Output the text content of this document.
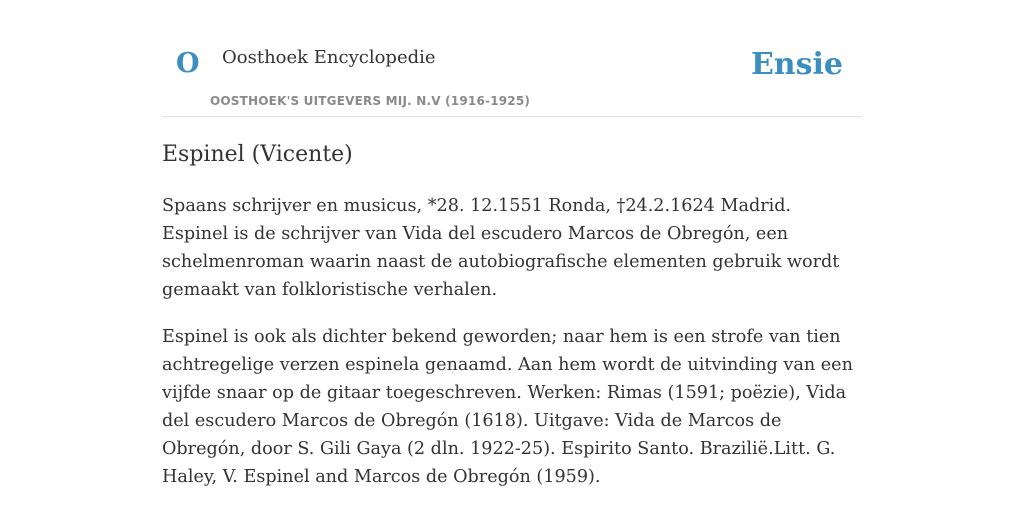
O Oosthoek Encyclopedie
OOSTHOEK'S UITGEVERS MIJ. N.V (1916-1925)
Ensie
Espinel (Vicente)

Spaans schrijver en musicus, *28. 12.1551 Ronda, †24.2.1624 Madrid. Espinel is de schrijver van Vida del escudero Marcos de Obregón, een schelmenroman waarin naast de autobiografische elementen gebruik wordt gemaakt van folkloristische verhalen.

Espinel is ook als dichter bekend geworden; naar hem is een strofe van tien achtregelige verzen espinela genaamd. Aan hem wordt de uitvinding van een vijfde snaar op de gitaar toegeschreven. Werken: Rimas (1591; poëzie), Vida del escudero Marcos de Obregón (1618). Uitgave: Vida de Marcos de Obregón, door S. Gili Gaya (2 dln. 1922-25). Espirito Santo. Brazilië.Litt. G. Haley, V. Espinel and Marcos de Obregón (1959).
